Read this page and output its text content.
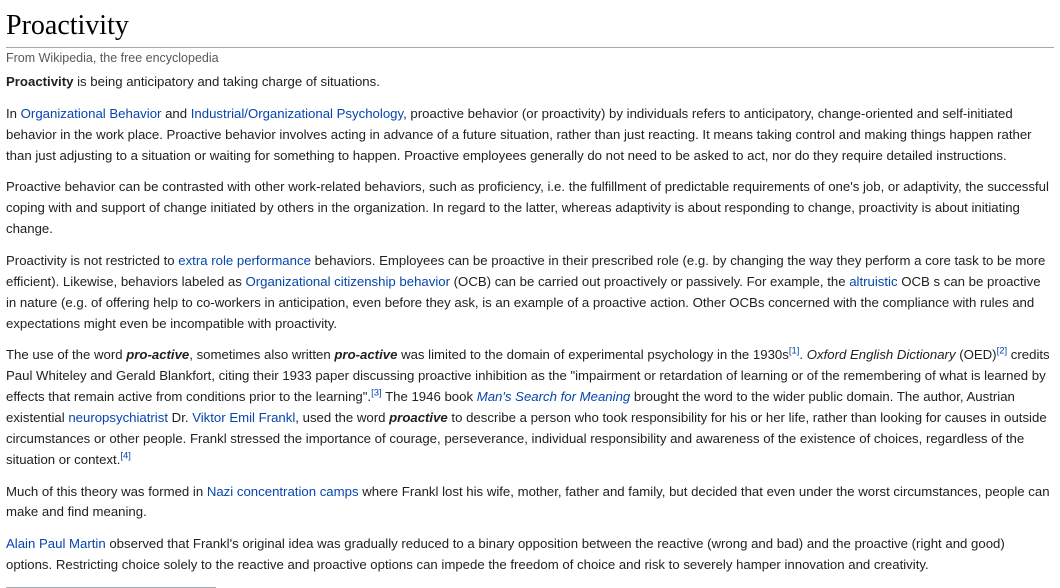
Proactivity

From Wikipedia, the free encyclopedia

Proactivity is being anticipatory and taking charge of situations.

In Organizational Behavior and Industrial/Organizational Psychology, proactive behavior (or proactivity) by individuals refers to anticipatory, change-oriented and self-initiated behavior in the work place. Proactive behavior involves acting in advance of a future situation, rather than just reacting. It means taking control and making things happen rather than just adjusting to a situation or waiting for something to happen. Proactive employees generally do not need to be asked to act, nor do they require detailed instructions.

Proactive behavior can be contrasted with other work-related behaviors, such as proficiency, i.e. the fulfillment of predictable requirements of one's job, or adaptivity, the successful coping with and support of change initiated by others in the organization. In regard to the latter, whereas adaptivity is about responding to change, proactivity is about initiating change.

Proactivity is not restricted to extra role performance behaviors. Employees can be proactive in their prescribed role (e.g. by changing the way they perform a core task to be more efficient). Likewise, behaviors labeled as Organizational citizenship behavior (OCB) can be carried out proactively or passively. For example, the altruistic OCB s can be proactive in nature (e.g. of offering help to co-workers in anticipation, even before they ask, is an example of a proactive action. Other OCBs concerned with the compliance with rules and expectations might even be incompatible with proactivity.

The use of the word pro-active, sometimes also written pro-active was limited to the domain of experimental psychology in the 1930s[1]. Oxford English Dictionary (OED)[2] credits Paul Whiteley and Gerald Blankfort, citing their 1933 paper discussing proactive inhibition as the "impairment or retardation of learning or of the remembering of what is learned by effects that remain active from conditions prior to the learning".[3] The 1946 book Man's Search for Meaning brought the word to the wider public domain. The author, Austrian existential neuropsychiatrist Dr. Viktor Emil Frankl, used the word proactive to describe a person who took responsibility for his or her life, rather than looking for causes in outside circumstances or other people. Frankl stressed the importance of courage, perseverance, individual responsibility and awareness of the existence of choices, regardless of the situation or context.[4]

Much of this theory was formed in Nazi concentration camps where Frankl lost his wife, mother, father and family, but decided that even under the worst circumstances, people can make and find meaning.

Alain Paul Martin observed that Frankl's original idea was gradually reduced to a binary opposition between the reactive (wrong and bad) and the proactive (right and good) options. Restricting choice solely to the reactive and proactive options can impede the freedom of choice and risk to severely hamper innovation and creativity.
